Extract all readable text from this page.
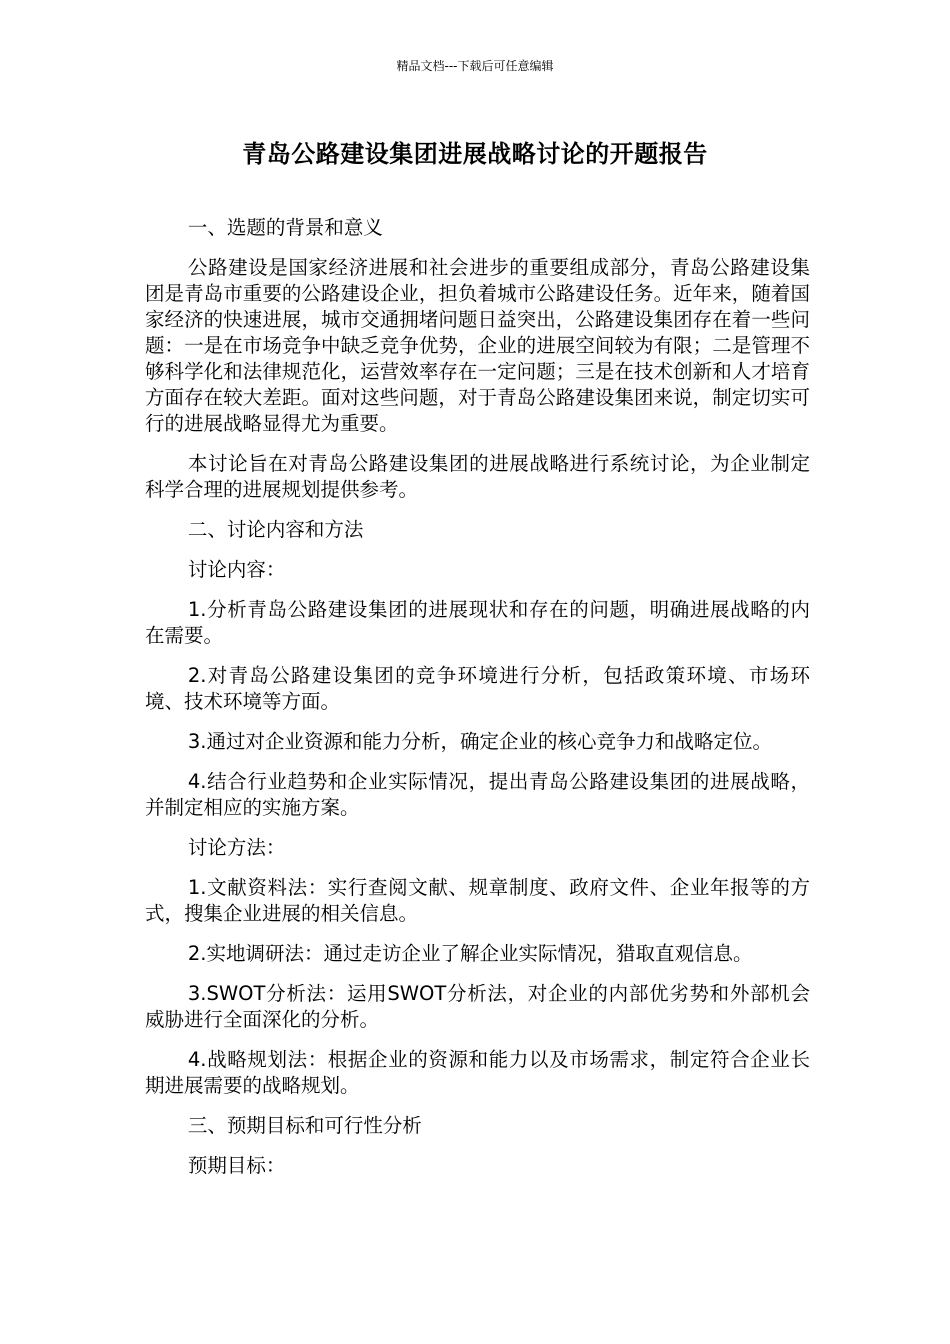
精品文档---下载后可任意编辑
青岛公路建设集团进展战略讨论的开题报告

一、选题的背景和意义

公路建设是国家经济进展和社会进步的重要组成部分，青岛公路建设集团是青岛市重要的公路建设企业，担负着城市公路建设任务。近年来，随着国家经济的快速进展，城市交通拥堵问题日益突出，公路建设集团存在着一些问题：一是在市场竞争中缺乏竞争优势，企业的进展空间较为有限；二是管理不够科学化和法律规范化，运营效率存在一定问题；三是在技术创新和人才培育方面存在较大差距。面对这些问题，对于青岛公路建设集团来说，制定切实可行的进展战略显得尤为重要。

本讨论旨在对青岛公路建设集团的进展战略进行系统讨论，为企业制定科学合理的进展规划提供参考。

二、讨论内容和方法

讨论内容：

1.分析青岛公路建设集团的进展现状和存在的问题，明确进展战略的内在需要。

2.对青岛公路建设集团的竞争环境进行分析，包括政策环境、市场环境、技术环境等方面。

3.通过对企业资源和能力分析，确定企业的核心竞争力和战略定位。

4.结合行业趋势和企业实际情况，提出青岛公路建设集团的进展战略，并制定相应的实施方案。

讨论方法：

1.文献资料法：实行查阅文献、规章制度、政府文件、企业年报等的方式，搜集企业进展的相关信息。

2.实地调研法：通过走访企业了解企业实际情况，猎取直观信息。

3.SWOT分析法：运用SWOT分析法，对企业的内部优劣势和外部机会威胁进行全面深化的分析。

4.战略规划法：根据企业的资源和能力以及市场需求，制定符合企业长期进展需要的战略规划。

三、预期目标和可行性分析

预期目标：
